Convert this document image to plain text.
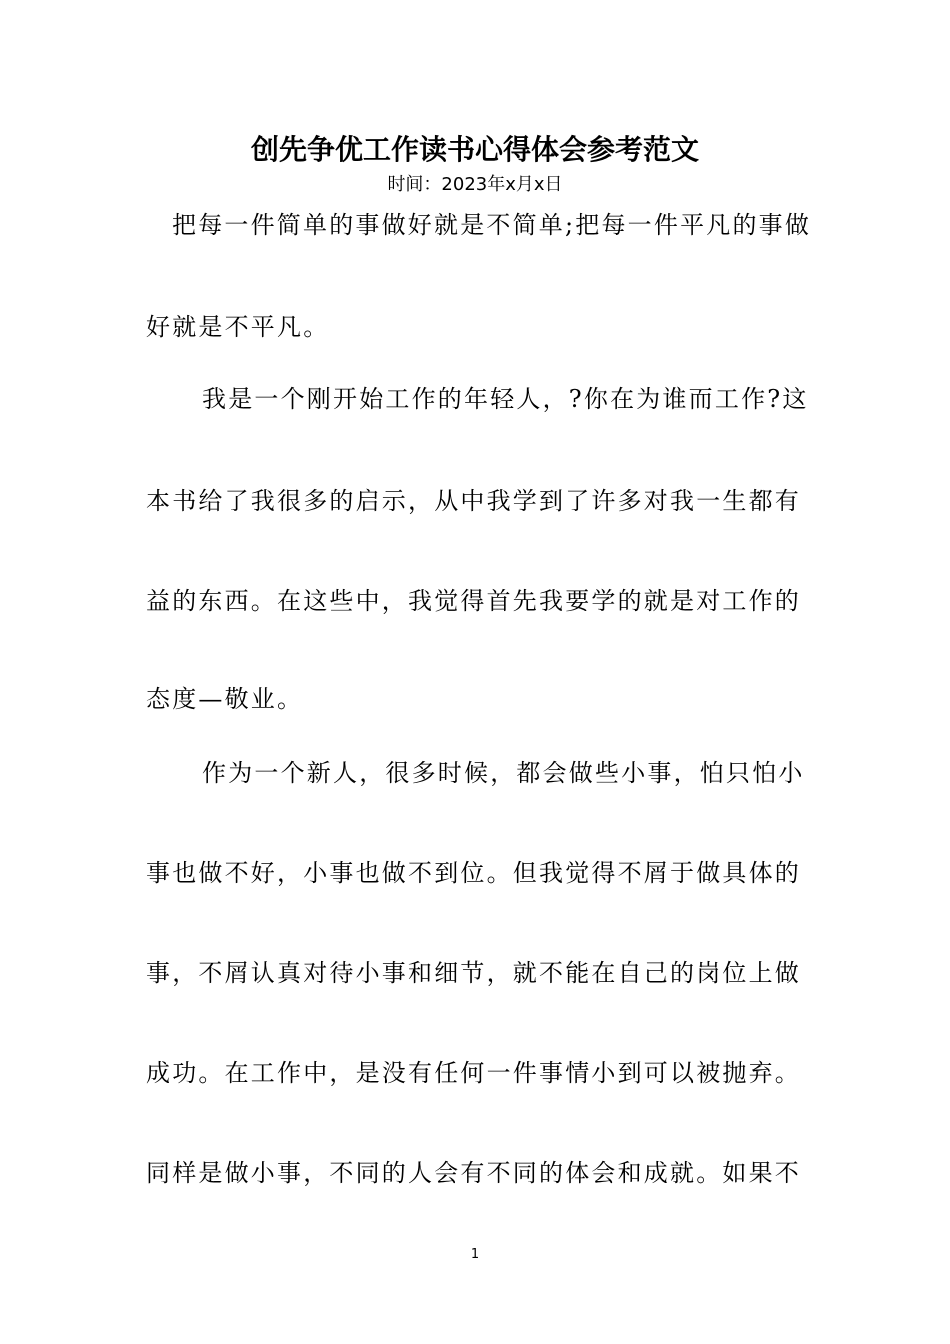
创先争优工作读书心得体会参考范文
时间：2023年x月x日
把每一件简单的事做好就是不简单;把每一件平凡的事做
好就是不平凡。
我是一个刚开始工作的年轻人，?你在为谁而工作?这
本书给了我很多的启示，从中我学到了许多对我一生都有
益的东西。在这些中，我觉得首先我要学的就是对工作的
态度—敬业。
作为一个新人，很多时候，都会做些小事，怕只怕小
事也做不好，小事也做不到位。但我觉得不屑于做具体的
事，不屑认真对待小事和细节，就不能在自己的岗位上做
成功。在工作中，是没有任何一件事情小到可以被抛弃。
同样是做小事，不同的人会有不同的体会和成就。如果不
1
